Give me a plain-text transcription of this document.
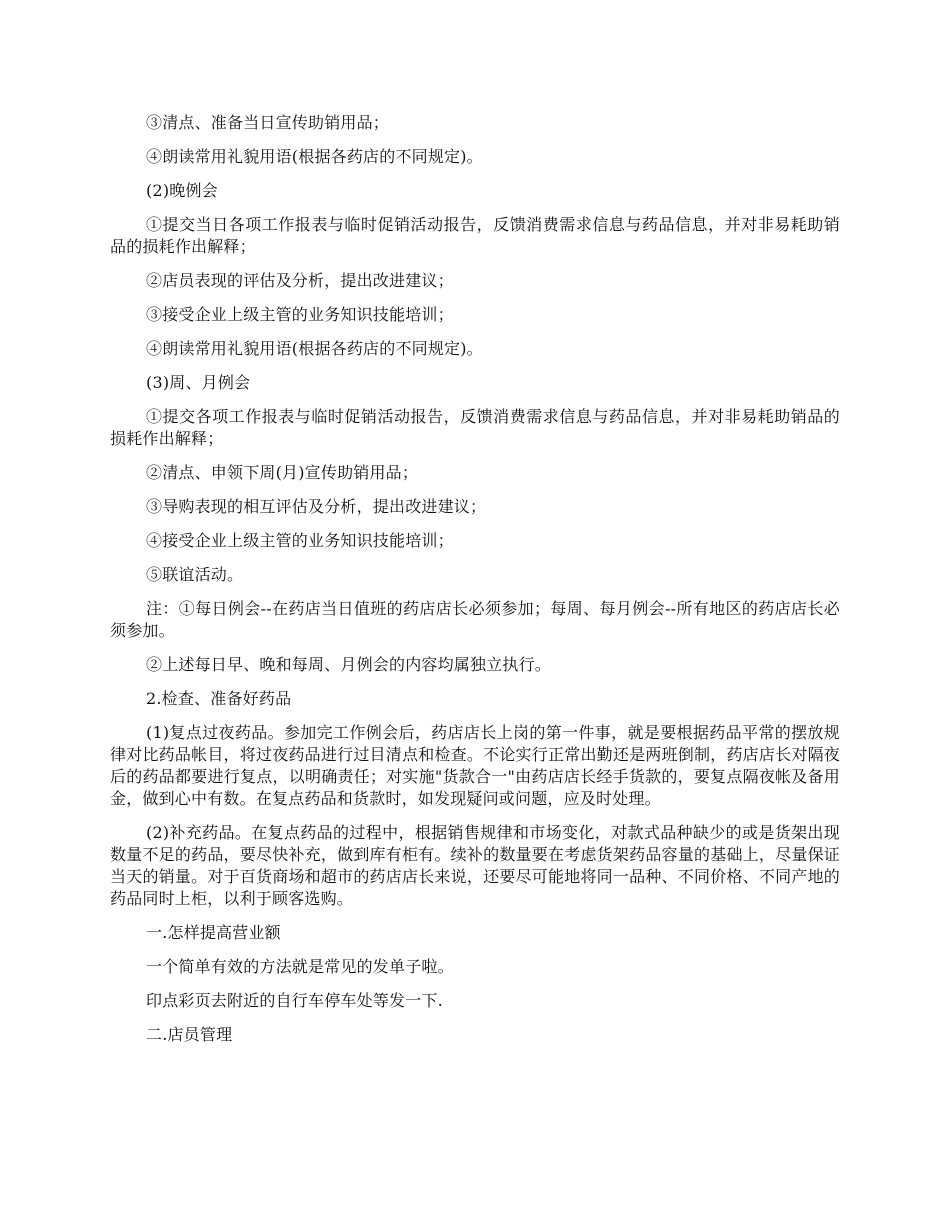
③清点、准备当日宣传助销用品；

④朗读常用礼貌用语(根据各药店的不同规定)。

(2)晚例会

①提交当日各项工作报表与临时促销活动报告，反馈消费需求信息与药品信息，并对非易耗助销品的损耗作出解释；

②店员表现的评估及分析，提出改进建议；

③接受企业上级主管的业务知识技能培训；

④朗读常用礼貌用语(根据各药店的不同规定)。

(3)周、月例会

①提交各项工作报表与临时促销活动报告，反馈消费需求信息与药品信息，并对非易耗助销品的损耗作出解释；

②清点、申领下周(月)宣传助销用品；

③导购表现的相互评估及分析，提出改进建议；

④接受企业上级主管的业务知识技能培训；

⑤联谊活动。

注：①每日例会--在药店当日值班的药店店长必须参加；每周、每月例会--所有地区的药店店长必须参加。

②上述每日早、晚和每周、月例会的内容均属独立执行。

2.检查、准备好药品

(1)复点过夜药品。参加完工作例会后，药店店长上岗的第一件事，就是要根据药品平常的摆放规律对比药品帐目，将过夜药品进行过目清点和检查。不论实行正常出勤还是两班倒制，药店店长对隔夜后的药品都要进行复点，以明确责任；对实施"货款合一"由药店店长经手货款的，要复点隔夜帐及备用金，做到心中有数。在复点药品和货款时，如发现疑问或问题，应及时处理。

(2)补充药品。在复点药品的过程中，根据销售规律和市场变化，对款式品种缺少的或是货架出现数量不足的药品，要尽快补充，做到库有柜有。续补的数量要在考虑货架药品容量的基础上，尽量保证当天的销量。对于百货商场和超市的药店店长来说，还要尽可能地将同一品种、不同价格、不同产地的药品同时上柜，以利于顾客选购。

一.怎样提高营业额

一个简单有效的方法就是常见的发单子啦。

印点彩页去附近的自行车停车处等发一下.

二.店员管理
